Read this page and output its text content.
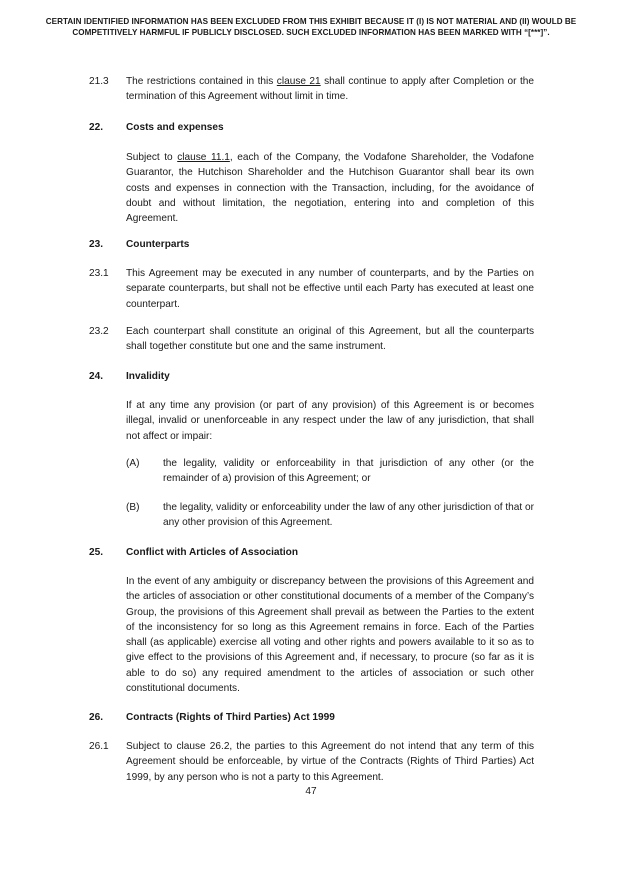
CERTAIN IDENTIFIED INFORMATION HAS BEEN EXCLUDED FROM THIS EXHIBIT BECAUSE IT (I) IS NOT MATERIAL AND (II) WOULD BE COMPETITIVELY HARMFUL IF PUBLICLY DISCLOSED. SUCH EXCLUDED INFORMATION HAS BEEN MARKED WITH “[***]”.
21.3 The restrictions contained in this clause 21 shall continue to apply after Completion or the termination of this Agreement without limit in time.
22. Costs and expenses
Subject to clause 11.1, each of the Company, the Vodafone Shareholder, the Vodafone Guarantor, the Hutchison Shareholder and the Hutchison Guarantor shall bear its own costs and expenses in connection with the Transaction, including, for the avoidance of doubt and without limitation, the negotiation, entering into and completion of this Agreement.
23. Counterparts
23.1 This Agreement may be executed in any number of counterparts, and by the Parties on separate counterparts, but shall not be effective until each Party has executed at least one counterpart.
23.2 Each counterpart shall constitute an original of this Agreement, but all the counterparts shall together constitute but one and the same instrument.
24. Invalidity
If at any time any provision (or part of any provision) of this Agreement is or becomes illegal, invalid or unenforceable in any respect under the law of any jurisdiction, that shall not affect or impair:
(A) the legality, validity or enforceability in that jurisdiction of any other (or the remainder of a) provision of this Agreement; or
(B) the legality, validity or enforceability under the law of any other jurisdiction of that or any other provision of this Agreement.
25. Conflict with Articles of Association
In the event of any ambiguity or discrepancy between the provisions of this Agreement and the articles of association or other constitutional documents of a member of the Company’s Group, the provisions of this Agreement shall prevail as between the Parties to the extent of the inconsistency for so long as this Agreement remains in force. Each of the Parties shall (as applicable) exercise all voting and other rights and powers available to it so as to give effect to the provisions of this Agreement and, if necessary, to procure (so far as it is able to do so) any required amendment to the articles of association or such other constitutional documents.
26. Contracts (Rights of Third Parties) Act 1999
26.1 Subject to clause 26.2, the parties to this Agreement do not intend that any term of this Agreement should be enforceable, by virtue of the Contracts (Rights of Third Parties) Act 1999, by any person who is not a party to this Agreement.
47
